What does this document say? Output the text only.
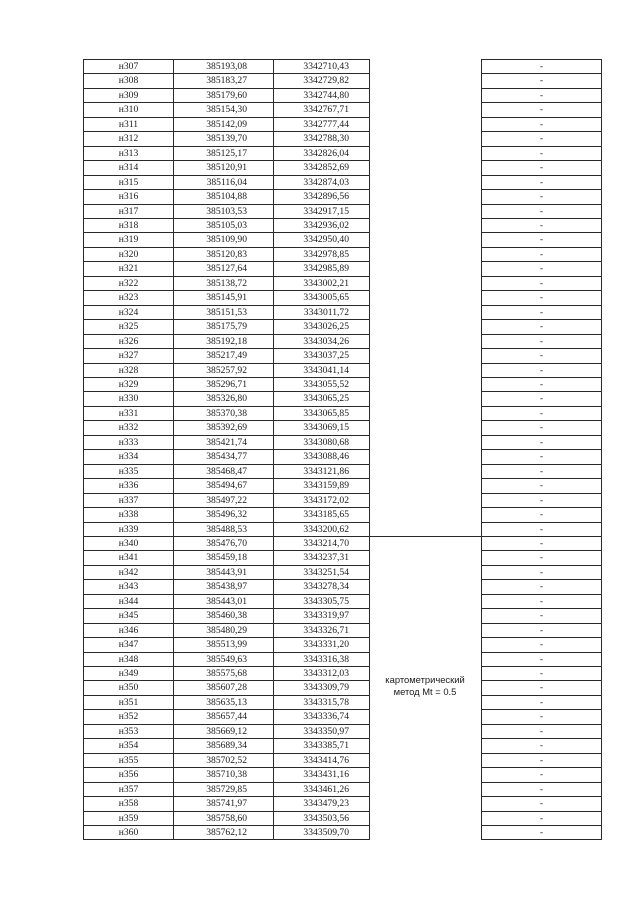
н307	385193,08	3342710,43		-
н308	385183,27	3342729,82		-
н309	385179,60	3342744,80		-
н310	385154,30	3342767,71		-
н311	385142,09	3342777,44		-
н312	385139,70	3342788,30		-
н313	385125,17	3342826,04		-
н314	385120,91	3342852,69		-
н315	385116,04	3342874,03		-
н316	385104,88	3342896,56		-
н317	385103,53	3342917,15		-
н318	385105,03	3342936,02		-
н319	385109,90	3342950,40		-
н320	385120,83	3342978,85		-
н321	385127,64	3342985,89		-
н322	385138,72	3343002,21		-
н323	385145,91	3343005,65		-
н324	385151,53	3343011,72		-
н325	385175,79	3343026,25		-
н326	385192,18	3343034,26		-
н327	385217,49	3343037,25		-
н328	385257,92	3343041,14		-
н329	385296,71	3343055,52		-
н330	385326,80	3343065,25		-
н331	385370,38	3343065,85		-
н332	385392,69	3343069,15		-
н333	385421,74	3343080,68		-
н334	385434,77	3343088,46		-
н335	385468,47	3343121,86		-
н336	385494,67	3343159,89		-
н337	385497,22	3343172,02		-
н338	385496,32	3343185,65		-
н339	385488,53	3343200,62		-
н340	385476,70	3343214,70		-
н341	385459,18	3343237,31		-
н342	385443,91	3343251,54		-
н343	385438,97	3343278,34		-
н344	385443,01	3343305,75		-
н345	385460,38	3343319,97		-
н346	385480,29	3343326,71		-
н347	385513,99	3343331,20		-
н348	385549,63	3343316,38		-
н349	385575,68	3343312,03		-
н350	385607,28	3343309,79		-
н351	385635,13	3343315,78		-
н352	385657,44	3343336,74		-
н353	385669,12	3343350,97		-
н354	385689,34	3343385,71		-
н355	385702,52	3343414,76		-
н356	385710,38	3343431,16		-
н357	385729,85	3343461,26		-
н358	385741,97	3343479,23		-
н359	385758,60	3343503,56		-
н360	385762,12	3343509,70		-
картометрический
метод Mt = 0.5
